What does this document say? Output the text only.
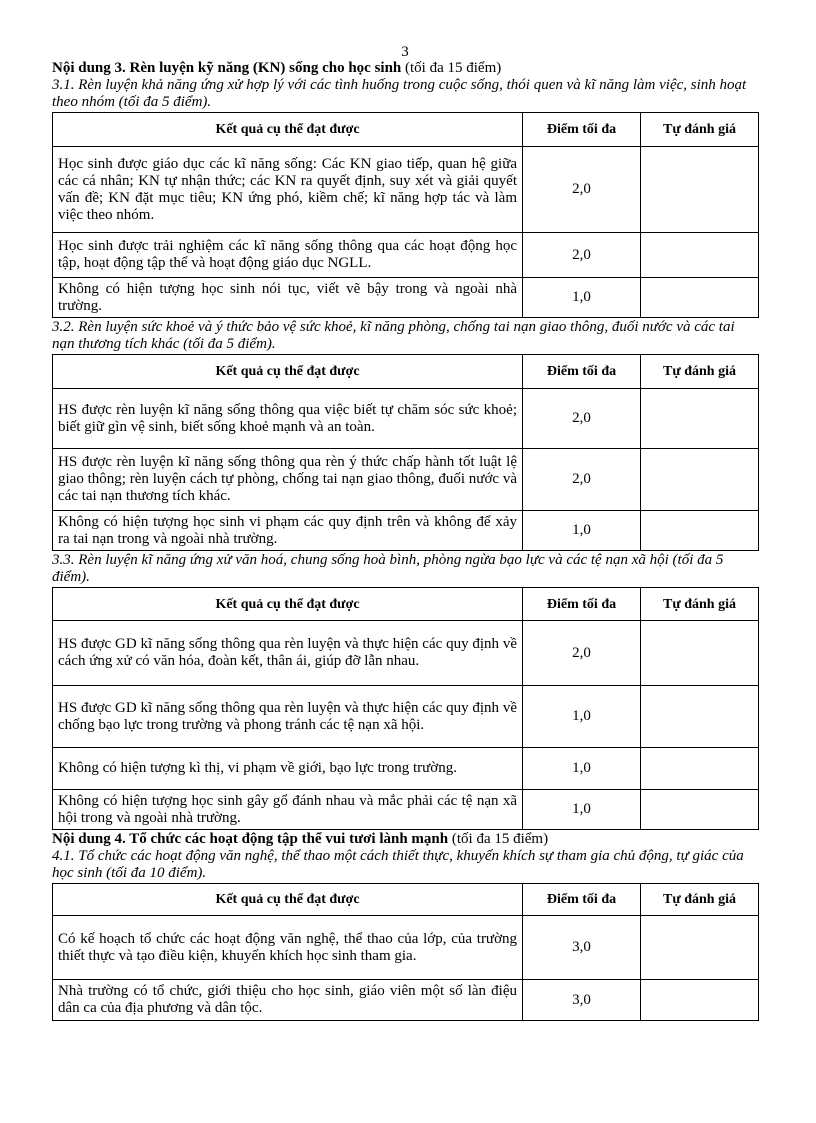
3
Nội dung 3. Rèn luyện kỹ năng (KN) sống cho học sinh (tối đa 15 điểm)
3.1. Rèn luyện khả năng ứng xử hợp lý với các tình huống trong cuộc sống, thói quen và kĩ năng làm việc, sinh hoạt theo nhóm (tối đa 5 điểm).
Kết quả cụ thể đạt được	Điểm tối đa	Tự đánh giá
Học sinh được giáo dục các kĩ năng sống: Các KN giao tiếp, quan hệ giữa các cá nhân; KN tự nhận thức; các KN ra quyết định, suy xét và giải quyết vấn đề; KN đặt mục tiêu; KN ứng phó, kiềm chế; kĩ năng hợp tác và làm việc theo nhóm.	2,0	
Học sinh được trải nghiệm các kĩ năng sống thông qua các hoạt động học tập, hoạt động tập thể và hoạt động giáo dục NGLL.	2,0	
Không có hiện tượng học sinh nói tục, viết vẽ bậy trong và ngoài nhà trường.	1,0	
3.2. Rèn luyện sức khoẻ và ý thức bảo vệ sức khoẻ, kĩ năng phòng, chống tai nạn giao thông, đuối nước và các tai nạn thương tích khác (tối đa 5 điểm).
Kết quả cụ thể đạt được	Điểm tối đa	Tự đánh giá
HS được rèn luyện kĩ năng sống thông qua việc biết tự chăm sóc sức khoẻ; biết giữ gìn vệ sinh, biết sống khoẻ mạnh và an toàn.	2,0	
HS được rèn luyện kĩ năng sống thông qua rèn ý thức chấp hành tốt luật lệ giao thông; rèn luyện cách tự phòng, chống tai nạn giao thông, đuối nước và các tai nạn thương tích khác.	2,0	
Không có hiện tượng học sinh vi phạm các quy định trên và không để xảy ra tai nạn trong và ngoài nhà trường.	1,0	
3.3. Rèn luyện kĩ năng ứng xử văn hoá, chung sống hoà bình, phòng ngừa bạo lực và các tệ nạn xã hội (tối đa 5 điểm).
Kết quả cụ thể đạt được	Điểm tối đa	Tự đánh giá
HS được GD kĩ năng sống thông qua rèn luyện và thực hiện các quy định về cách ứng xử có văn hóa, đoàn kết, thân ái, giúp đỡ lẫn nhau.	2,0	
HS được GD kĩ năng sống thông qua rèn luyện và thực hiện các quy định về chống bạo lực trong trường và phong tránh các tệ nạn xã hội.	1,0	
Không có hiện tượng kì thị, vi phạm về giới, bạo lực trong trường.	1,0	
Không có hiện tượng học sinh gây gổ đánh nhau và mắc phải các tệ nạn xã hội trong và ngoài nhà trường.	1,0	
Nội dung 4. Tổ chức các hoạt động tập thể vui tươi lành mạnh (tối đa 15 điểm)
4.1. Tổ chức các hoạt động văn nghệ, thể thao một cách thiết thực, khuyến khích sự tham gia chủ động, tự giác của học sinh (tối đa 10 điểm).
Kết quả cụ thể đạt được	Điểm tối đa	Tự đánh giá
Có kế hoạch tổ chức các hoạt động văn nghệ, thể thao của lớp, của trường thiết thực và tạo điều kiện, khuyến khích học sinh tham gia.	3,0	
Nhà trường có tổ chức, giới thiệu cho học sinh, giáo viên một số làn điệu dân ca của địa phương và dân tộc.	3,0	
